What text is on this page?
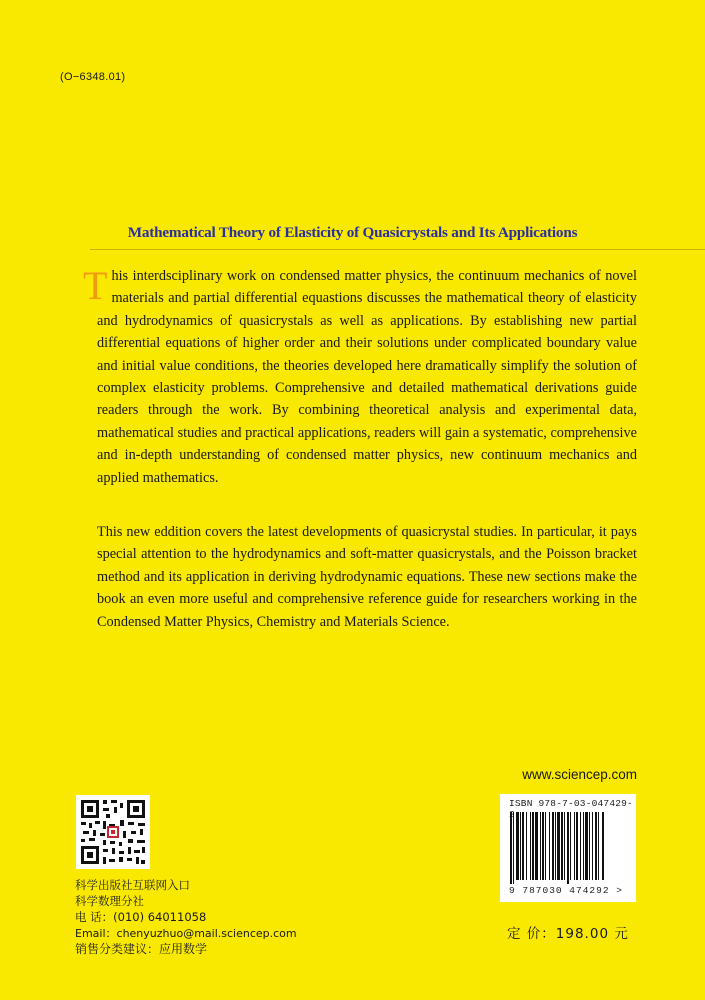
(O−6348.01)
Mathematical Theory of Elasticity of Quasicrystals and Its Applications

This interdsciplinary work on condensed matter physics, the continuum mechanics of novel materials and partial differential equastions discusses the mathematical theory of elasticity and hydrodynamics of quasicrystals as well as applications. By establishing new partial differential equations of higher order and their solutions under complicated boundary value and initial value conditions, the theories developed here dramatically simplify the solution of complex elasticity problems. Comprehensive and detailed mathematical derivations guide readers through the work. By combining theoretical analysis and experimental data, mathematical studies and practical applications, readers will gain a systematic, comprehensive and in-depth understanding of condensed matter physics, new continuum mechanics and applied mathematics.

This new eddition covers the latest developments of quasicrystal studies. In particular, it pays special attention to the hydrodynamics and soft-matter quasicrystals, and the Poisson bracket method and its application in deriving hydrodynamic equations. These new sections make the book an even more useful and comprehensive reference guide for researchers working in the Condensed Matter Physics, Chemistry and Materials Science.

www.sciencep.com
科学出版社互联网入口
科学数理分社
电 话：(010) 64011058
Email：chenyuzhuo@mail.sciencep.com
销售分类建议：应用数学
ISBN 978-7-03-047429-
9 787030 474292 >
定 价：198.00 元
